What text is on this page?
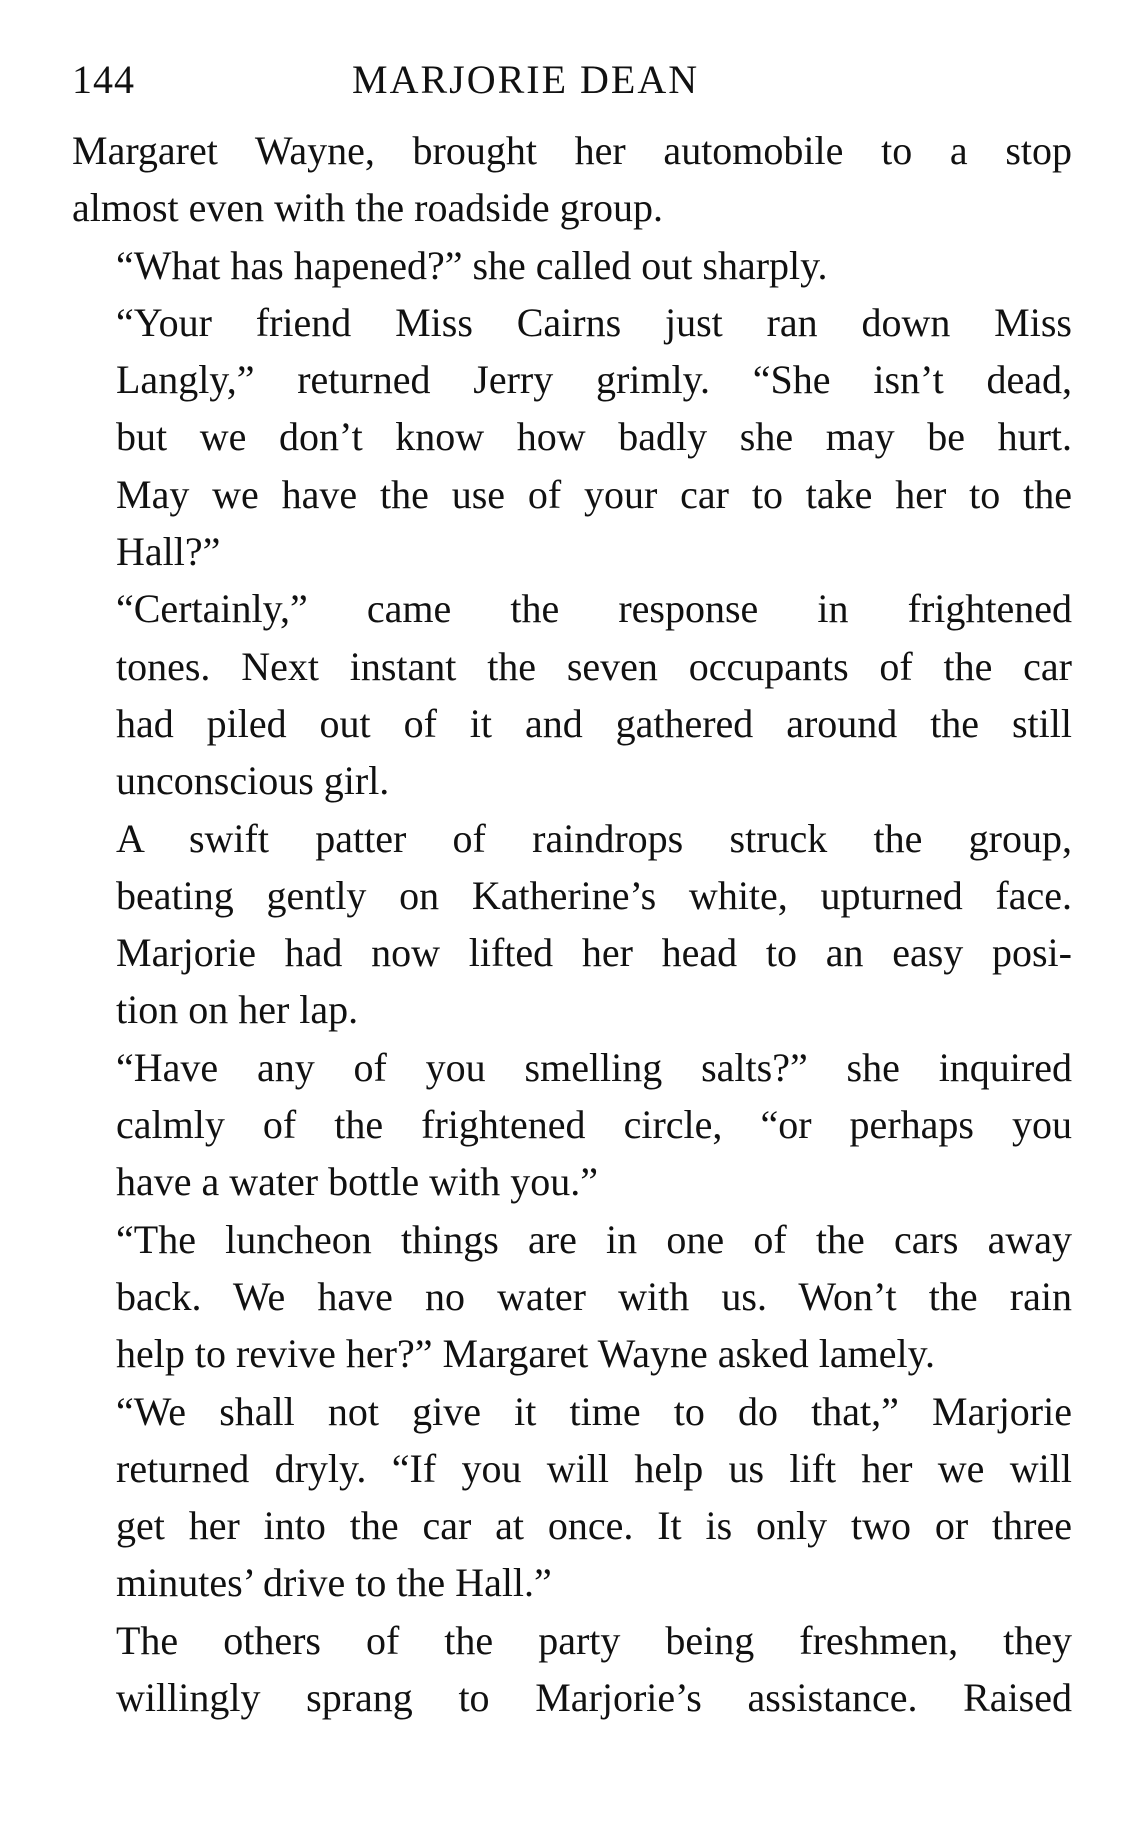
144	MARJORIE DEAN

Margaret Wayne, brought her automobile to a stop
almost even with the roadside group.

“What has hapened?” she called out sharply.

“Your friend Miss Cairns just ran down Miss
Langly,” returned Jerry grimly. “She isn’t dead,
but we don’t know how badly she may be hurt.
May we have the use of your car to take her to the
Hall?”

“Certainly,” came the response in frightened
tones. Next instant the seven occupants of the car
had piled out of it and gathered around the still
unconscious girl.

A swift patter of raindrops struck the group,
beating gently on Katherine’s white, upturned face.
Marjorie had now lifted her head to an easy posi-
tion on her lap.

“Have any of you smelling salts?” she inquired
calmly of the frightened circle, “or perhaps you
have a water bottle with you.”

“The luncheon things are in one of the cars away
back. We have no water with us. Won’t the rain
help to revive her?” Margaret Wayne asked lamely.

“We shall not give it time to do that,” Marjorie
returned dryly. “If you will help us lift her we will
get her into the car at once. It is only two or three
minutes’ drive to the Hall.”

The others of the party being freshmen, they
willingly sprang to Marjorie’s assistance. Raised
